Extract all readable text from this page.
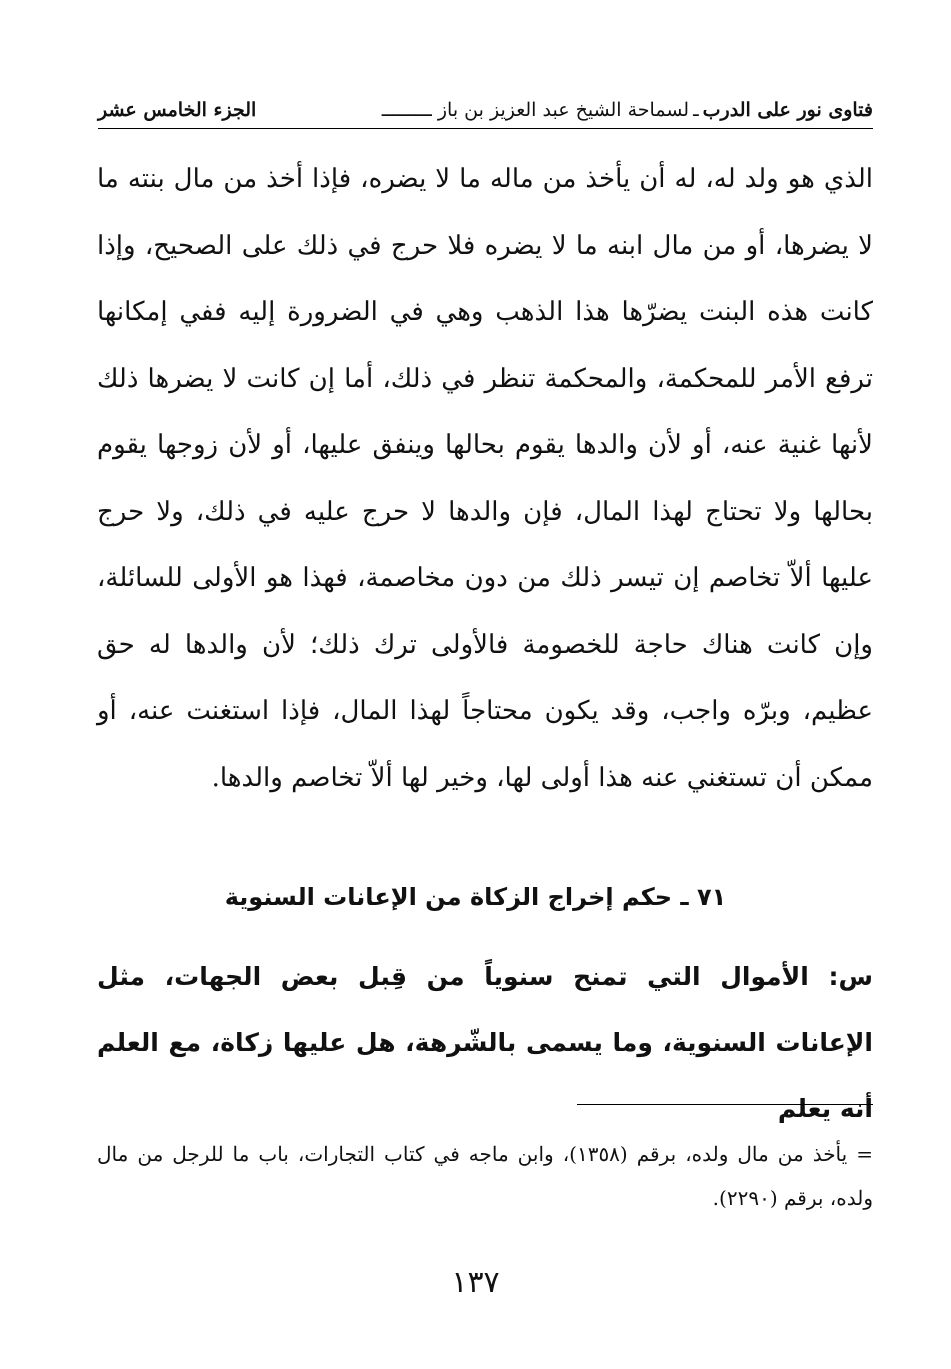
فتاوى نور على الدرب
ـ
لسماحة الشيخ عبد العزيز بن باز ـــــــــ
الجزء الخامس عشر

الذي هو ولد له، له أن يأخذ من ماله ما لا يضره، فإذا أخذ من مال بنته ما لا يضرها، أو من مال ابنه ما لا يضره فلا حرج في ذلك على الصحيح، وإذا كانت هذه البنت يضرّها هذا الذهب وهي في الضرورة إليه ففي إمكانها ترفع الأمر للمحكمة، والمحكمة تنظر في ذلك، أما إن كانت لا يضرها ذلك لأنها غنية عنه، أو لأن والدها يقوم بحالها وينفق عليها، أو لأن زوجها يقوم بحالها ولا تحتاج لهذا المال، فإن والدها لا حرج عليه في ذلك، ولا حرج عليها ألاّ تخاصم إن تيسر ذلك من دون مخاصمة، فهذا هو الأولى للسائلة، وإن كانت هناك حاجة للخصومة فالأولى ترك ذلك؛ لأن والدها له حق عظيم، وبرّه واجب، وقد يكون محتاجاً لهذا المال، فإذا استغنت عنه، أو ممكن أن تستغني عنه هذا أولى لها، وخير لها ألاّ تخاصم والدها.

٧١ ـ حكم إخراج الزكاة من الإعانات السنوية
س: الأموال التي تمنح سنوياً من قِبل بعض الجهات، مثل الإعانات السنوية، وما يسمى بالشّرهة، هل عليها زكاة، مع العلم أنه يعلم

= يأخذ من مال ولده، برقم (١٣٥٨)، وابن ماجه في كتاب التجارات، باب ما للرجل من مال ولده، برقم (٢٢٩٠).

١٣٧
